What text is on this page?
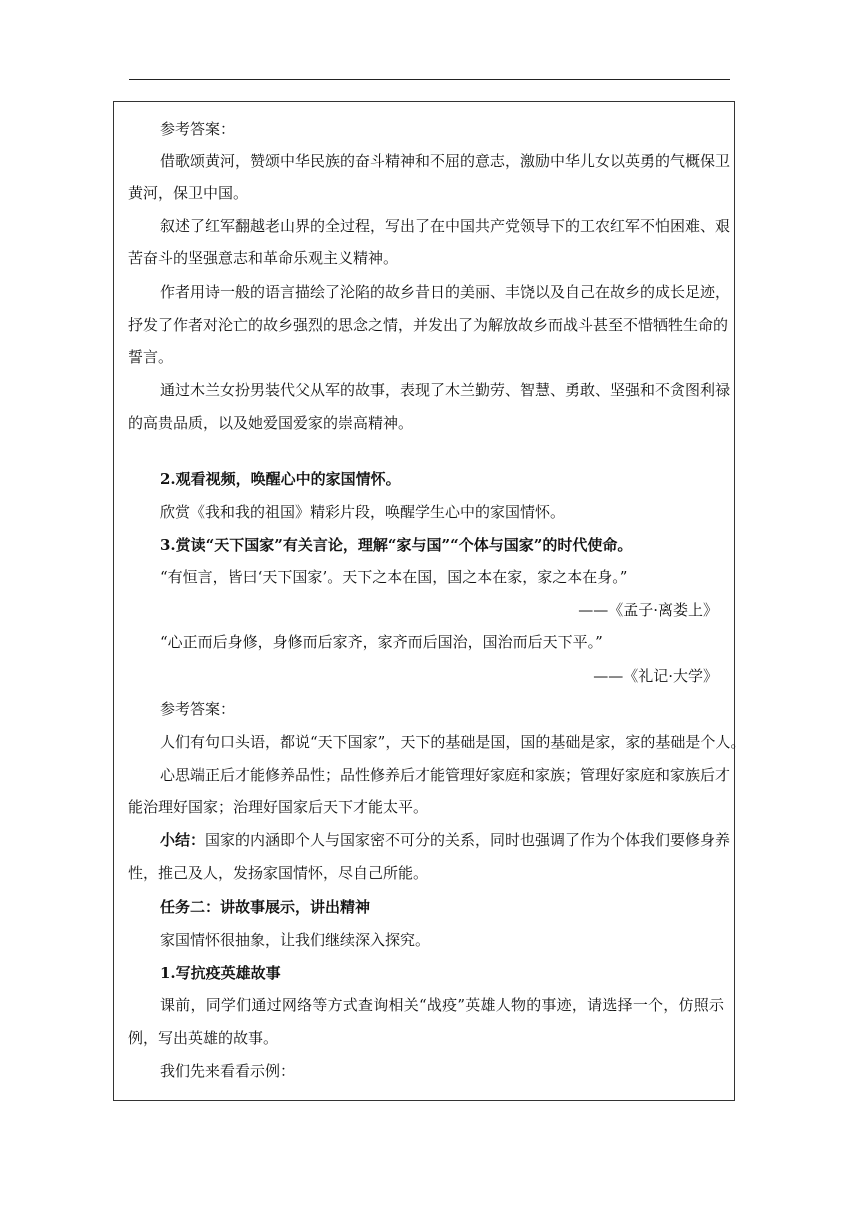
参考答案：
借歌颂黄河，赞颂中华民族的奋斗精神和不屈的意志，激励中华儿女以英勇的气概保卫
黄河，保卫中国。
叙述了红军翻越老山界的全过程，写出了在中国共产党领导下的工农红军不怕困难、艰
苦奋斗的坚强意志和革命乐观主义精神。
作者用诗一般的语言描绘了沦陷的故乡昔日的美丽、丰饶以及自己在故乡的成长足迹，
抒发了作者对沦亡的故乡强烈的思念之情，并发出了为解放故乡而战斗甚至不惜牺牲生命的
誓言。
通过木兰女扮男装代父从军的故事，表现了木兰勤劳、智慧、勇敢、坚强和不贪图利禄
的高贵品质，以及她爱国爱家的崇高精神。
2.观看视频，唤醒心中的家国情怀。
欣赏《我和我的祖国》精彩片段，唤醒学生心中的家国情怀。
3.赏读“天下国家”有关言论，理解“家与国”“个体与国家”的时代使命。
“有恒言，皆曰‘天下国家’。天下之本在国，国之本在家，家之本在身。”
——《孟子·离娄上》
“心正而后身修，身修而后家齐，家齐而后国治，国治而后天下平。”
——《礼记·大学》
参考答案：
人们有句口头语，都说“天下国家”，天下的基础是国，国的基础是家，家的基础是个人。
心思端正后才能修养品性；品性修养后才能管理好家庭和家族；管理好家庭和家族后才
能治理好国家；治理好国家后天下才能太平。
小结：国家的内涵即个人与国家密不可分的关系，同时也强调了作为个体我们要修身养
性，推己及人，发扬家国情怀，尽自己所能。
任务二：讲故事展示，讲出精神
家国情怀很抽象，让我们继续深入探究。
1.写抗疫英雄故事
课前，同学们通过网络等方式查询相关“战疫”英雄人物的事迹，请选择一个，仿照示
例，写出英雄的故事。
我们先来看看示例：
